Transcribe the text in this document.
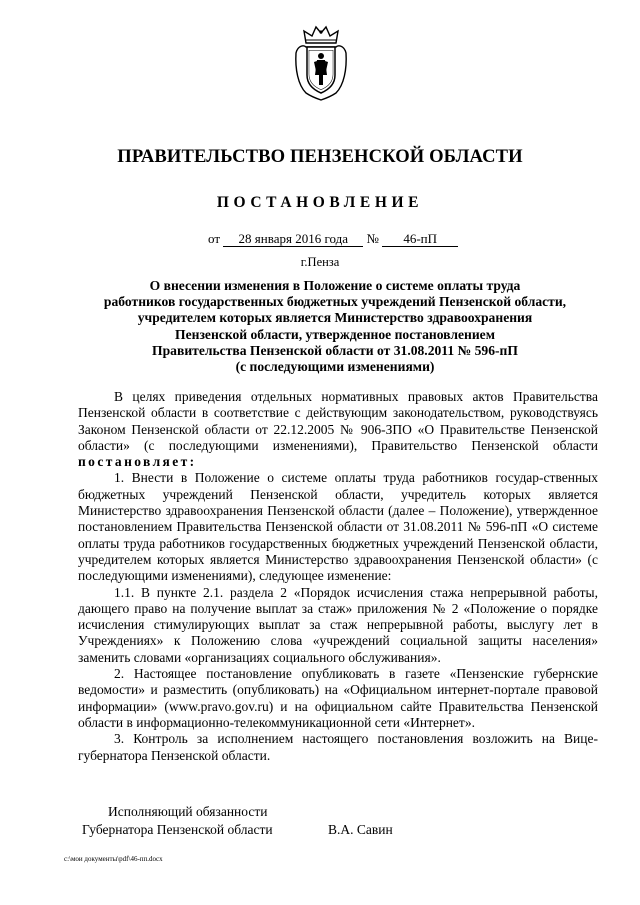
ПРАВИТЕЛЬСТВО ПЕНЗЕНСКОЙ ОБЛАСТИ
ПОСТАНОВЛЕНИЕ
от 28 января 2016 года № 46-пП
г.Пенза
О внесении изменения в Положение о системе оплаты труда
работников государственных бюджетных учреждений Пензенской области,
учредителем которых является Министерство здравоохранения
Пензенской области, утвержденное постановлением
Правительства Пензенской области от 31.08.2011 № 596-пП
(с последующими изменениями)

В целях приведения отдельных нормативных правовых актов Правительства Пензенской области в соответствие с действующим законодательством, руководствуясь Законом Пензенской области от 22.12.2005 № 906-ЗПО «О Правительстве Пензенской области» (с последующими изменениями), Правительство Пензенской области постановляет:

1. Внести в Положение о системе оплаты труда работников государ-ственных бюджетных учреждений Пензенской области, учредитель которых является Министерство здравоохранения Пензенской области (далее – Положение), утвержденное постановлением Правительства Пензенской области от 31.08.2011 № 596-пП «О системе оплаты труда работников государственных бюджетных учреждений Пензенской области, учредителем которых является Министерство здравоохранения Пензенской области» (с последующими изменениями), следующее изменение:

1.1. В пункте 2.1. раздела 2 «Порядок исчисления стажа непрерывной работы, дающего право на получение выплат за стаж» приложения № 2 «Положение о порядке исчисления стимулирующих выплат за стаж непрерывной работы, выслугу лет в Учреждениях» к Положению слова «учреждений социальной защиты населения» заменить словами «организациях социального обслуживания».

2. Настоящее постановление опубликовать в газете «Пензенские губернские ведомости» и разместить (опубликовать) на «Официальном интернет-портале правовой информации» (www.pravo.gov.ru) и на официальном сайте Правительства Пензенской области в информационно-телекоммуникационной сети «Интернет».

3. Контроль за исполнением настоящего постановления возложить на Вице-губернатора Пензенской области.

Исполняющий обязанности
Губернатора Пензенской области	В.А. Савин
c:\мои документы\pdf\46-пп.docx
